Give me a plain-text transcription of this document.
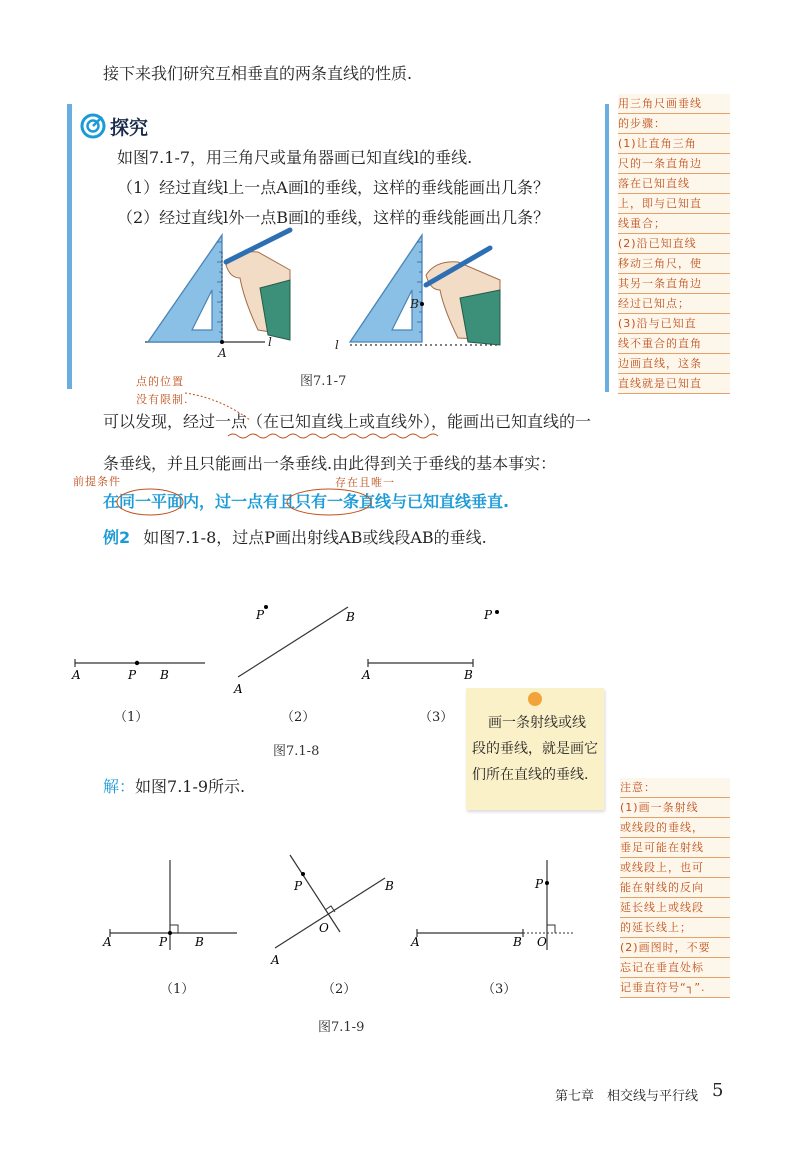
接下来我们研究互相垂直的两条直线的性质.
探究
如图7.1-7，用三角尺或量角器画已知直线l的垂线.
（1）经过直线l上一点A画l的垂线，这样的垂线能画出几条？
（2）经过直线l外一点B画l的垂线，这样的垂线能画出几条？
A
l
B
l
图7.1-7
用三角尺画垂线
的步骤：
(1)让直角三角
尺的一条直角边
落在已知直线
上，即与已知直
线重合；
(2)沿已知直线
移动三角尺，使
其另一条直角边
经过已知点；
(3)沿与已知直
线不重合的直角
边画直线，这条
直线就是已知直
点的位置
没有限制.
可以发现，经过一点（在已知直线上或直线外），能画出已知直线的一
条垂线，并且只能画出一条垂线.由此得到关于垂线的基本事实：
前提条件	存在且唯一
在同一平面内，过一点有且只有一条直线与已知直线垂直.
例2 如图7.1-8，过点P画出射线AB或线段AB的垂线.
A	P B
P	B
A
P
A	B
（1）	（2）	（3）
图7.1-8
画一条射线或线
段的垂线，就是画它
们所在直线的垂线.
解：如图7.1-9所示.	注意：
(1)画一条射线
或线段的垂线，
垂足可能在射线
或线段上，也可
能在射线的反向
延长线上或线段
的延长线上；
(2)画图时，不要
忘记在垂直处标
记垂直符号“┐”.
A	P B
P	B
O
A
P
A	B O
（1）	（2）	（3）
图7.1-9
第七章　相交线与平行线 5
